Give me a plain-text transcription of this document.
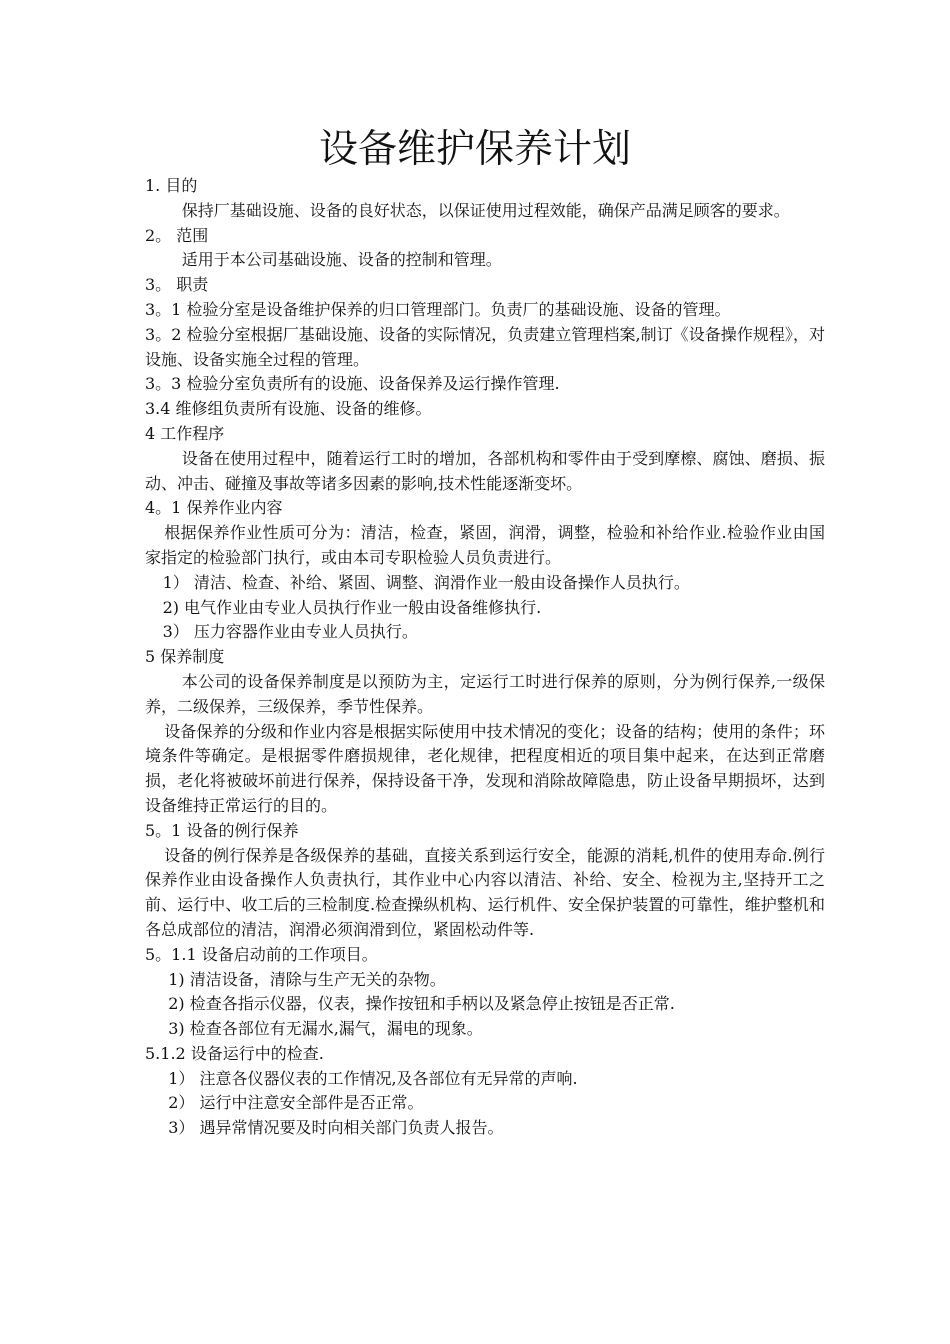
设备维护保养计划

1. 目的

保持厂基础设施、设备的良好状态，以保证使用过程效能，确保产品满足顾客的要求。

2。 范围

适用于本公司基础设施、设备的控制和管理。

3。 职责

3。1 检验分室是设备维护保养的归口管理部门。负责厂的基础设施、设备的管理。

3。2 检验分室根据厂基础设施、设备的实际情况，负责建立管理档案,制订《设备操作规程》，对设施、设备实施全过程的管理。

3。3 检验分室负责所有的设施、设备保养及运行操作管理.

3.4 维修组负责所有设施、设备的维修。

4 工作程序

设备在使用过程中，随着运行工时的增加，各部机构和零件由于受到摩檫、腐蚀、磨损、振动、冲击、碰撞及事故等诸多因素的影响,技术性能逐渐变坏。

4。1 保养作业内容

根据保养作业性质可分为：清洁，检查，紧固，润滑，调整，检验和补给作业.检验作业由国家指定的检验部门执行，或由本司专职检验人员负责进行。

1） 清洁、检查、补给、紧固、调整、润滑作业一般由设备操作人员执行。

2) 电气作业由专业人员执行作业一般由设备维修执行.

3） 压力容器作业由专业人员执行。

5 保养制度

本公司的设备保养制度是以预防为主，定运行工时进行保养的原则，分为例行保养,一级保养，二级保养，三级保养，季节性保养。

设备保养的分级和作业内容是根据实际使用中技术情况的变化；设备的结构；使用的条件；环境条件等确定。是根据零件磨损规律，老化规律，把程度相近的项目集中起来，在达到正常磨损，老化将被破坏前进行保养，保持设备干净，发现和消除故障隐患，防止设备早期损坏，达到设备维持正常运行的目的。

5。1 设备的例行保养

设备的例行保养是各级保养的基础，直接关系到运行安全，能源的消耗,机件的使用寿命.例行保养作业由设备操作人负责执行，其作业中心内容以清洁、补给、安全、检视为主,坚持开工之前、运行中、收工后的三检制度.检查操纵机构、运行机件、安全保护装置的可靠性，维护整机和各总成部位的清洁，润滑必须润滑到位，紧固松动件等.

5。1.1 设备启动前的工作项目。

1) 清洁设备，清除与生产无关的杂物。

2) 检查各指示仪器，仪表，操作按钮和手柄以及紧急停止按钮是否正常.

3) 检查各部位有无漏水,漏气，漏电的现象。

5.1.2 设备运行中的检查.

1） 注意各仪器仪表的工作情况,及各部位有无异常的声响.

2） 运行中注意安全部件是否正常。

3） 遇异常情况要及时向相关部门负责人报告。
